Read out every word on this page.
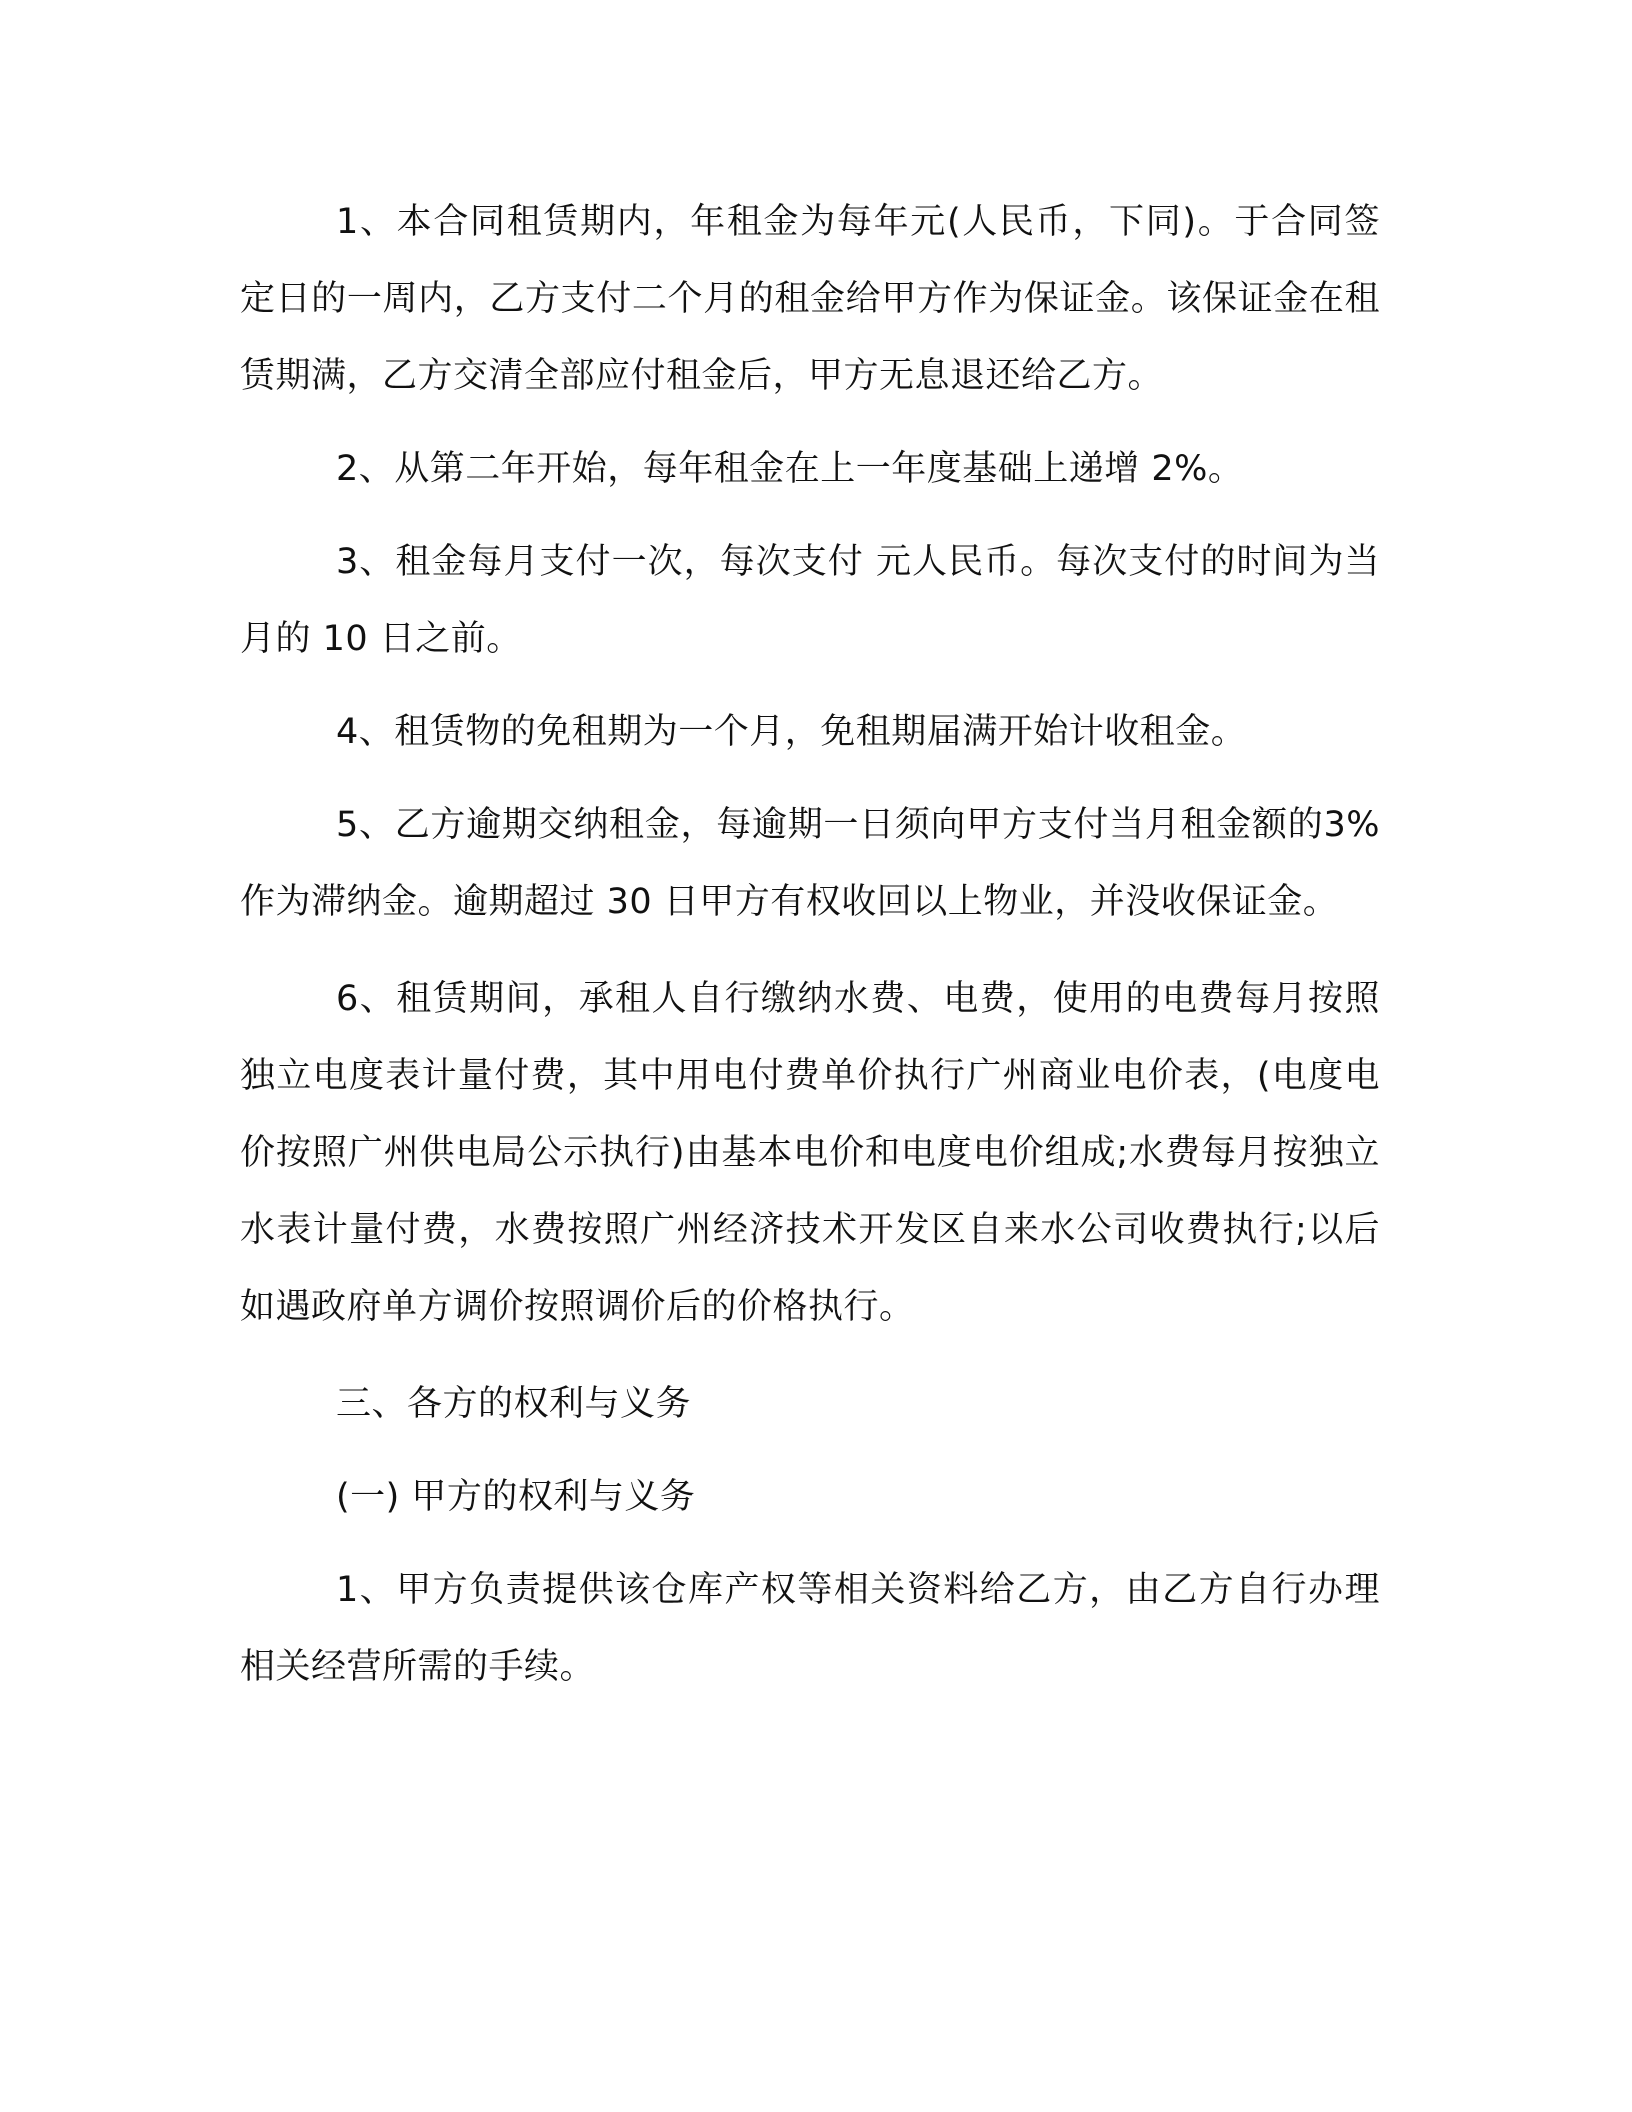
1、本合同租赁期内，年租金为每年元(人民币，下同)。于合同签定日的一周内，乙方支付二个月的租金给甲方作为保证金。该保证金在租赁期满，乙方交清全部应付租金后，甲方无息退还给乙方。

2、从第二年开始，每年租金在上一年度基础上递增 2%。

3、租金每月支付一次，每次支付 元人民币。每次支付的时间为当月的 10 日之前。

4、租赁物的免租期为一个月，免租期届满开始计收租金。

5、乙方逾期交纳租金，每逾期一日须向甲方支付当月租金额的3%作为滞纳金。逾期超过 30 日甲方有权收回以上物业，并没收保证金。

6、租赁期间，承租人自行缴纳水费、电费，使用的电费每月按照独立电度表计量付费，其中用电付费单价执行广州商业电价表，(电度电价按照广州供电局公示执行)由基本电价和电度电价组成;水费每月按独立水表计量付费，水费按照广州经济技术开发区自来水公司收费执行;以后如遇政府单方调价按照调价后的价格执行。

三、各方的权利与义务

(一) 甲方的权利与义务

1、甲方负责提供该仓库产权等相关资料给乙方，由乙方自行办理相关经营所需的手续。
